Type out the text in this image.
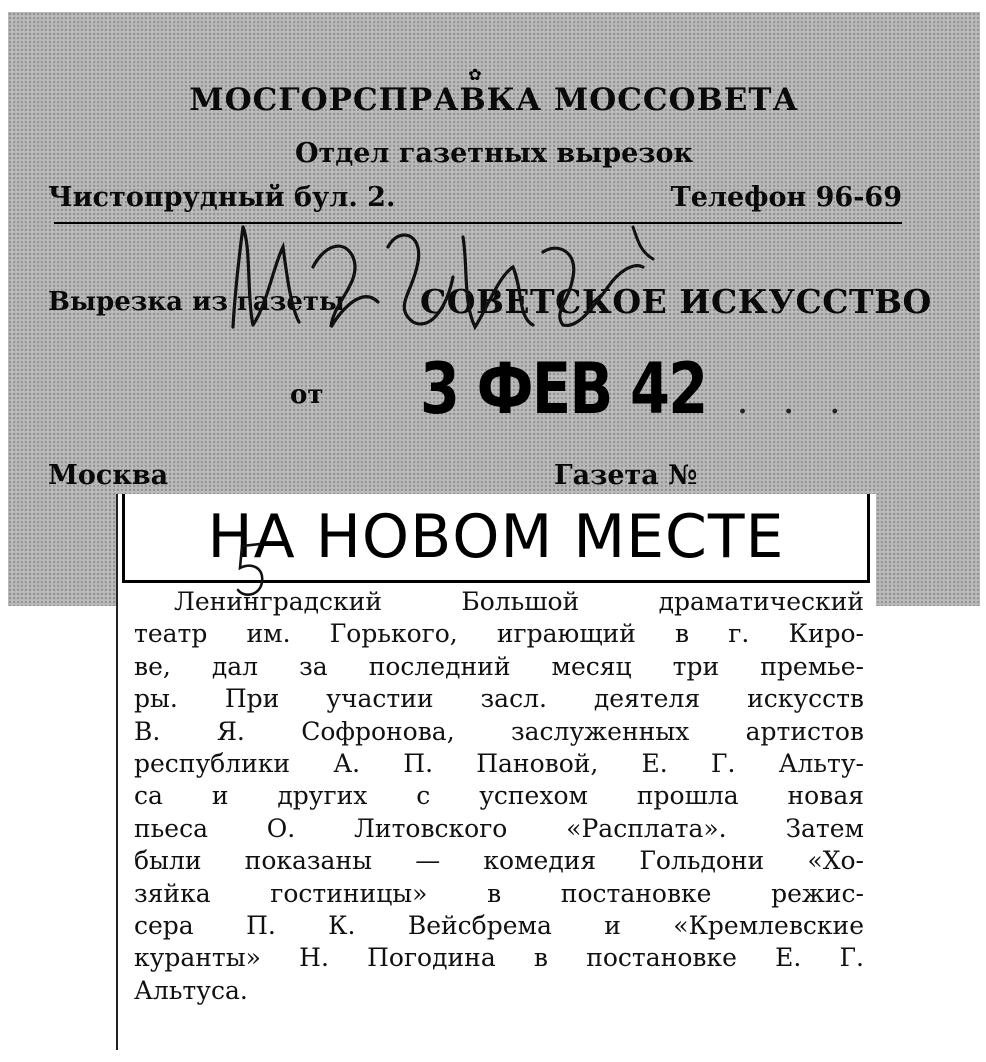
✿
МОСГОРСПРАВКА МОССОВЕТА
Отдел газетных вырезок
Чистопрудный бул. 2.	Телефон 96-69
Вырезка из газеты СОВЕТСКОЕ ИСКУССТВО
от 3 ФЕВ 42 . . .
Москва	Газета №
НА НОВОМ МЕСТЕ
Ленинградский Большой драматический
театр им. Горького, играющий в г. Киро-
ве, дал за последний месяц три премье-
ры. При участии засл. деятеля искусств
В. Я. Софронова, заслуженных артистов
республики А. П. Пановой, Е. Г. Альту-
са и других с успехом прошла новая
пьеса О. Литовского «Расплата». Затем
были показаны — комедия Гольдони «Хо-
зяйка гостиницы» в постановке режис-
сера П. К. Вейсбрема и «Кремлевские
куранты» Н. Погодина в постановке Е. Г.
Альтуса.
